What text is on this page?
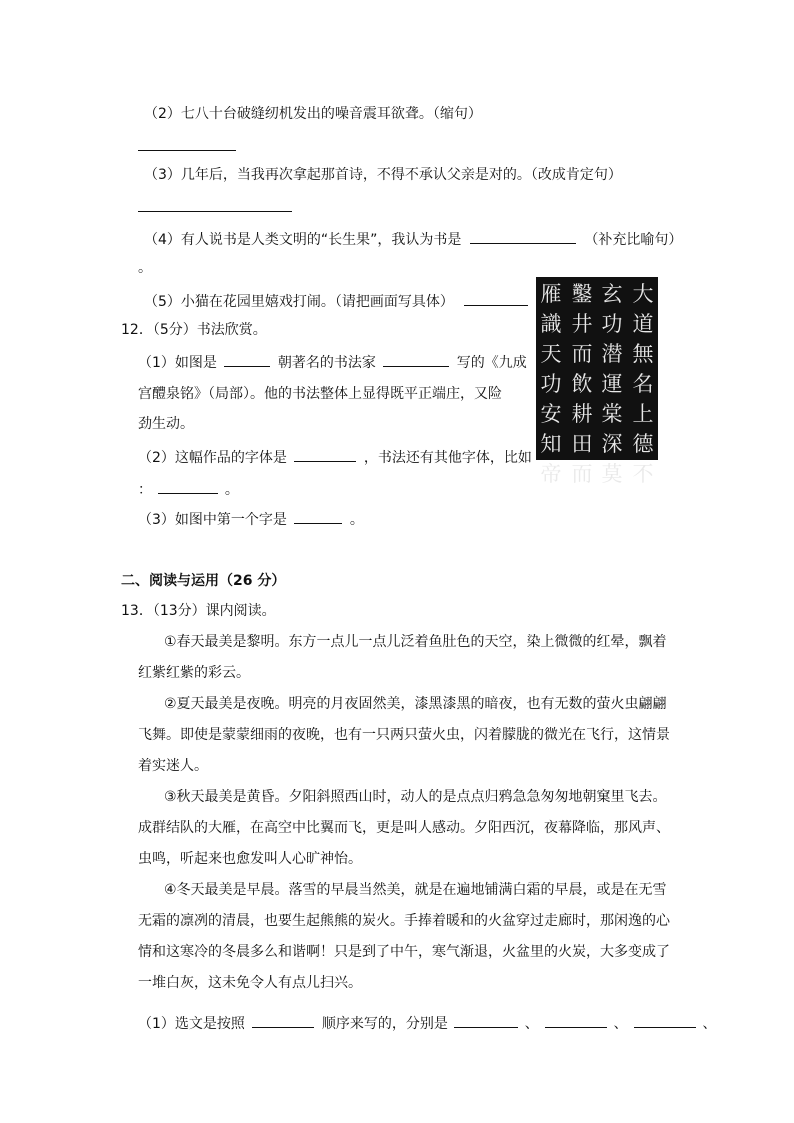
（2）七八十台破缝纫机发出的噪音震耳欲聋。（缩句）
（3）几年后，当我再次拿起那首诗，不得不承认父亲是对的。（改成肯定句）
（4）有人说书是人类文明的“长生果”，我认为书是	（补充比喻句）
。
（5）小猫在花园里嬉戏打闹。（请把画面写具体）
12．（5分）书法欣赏。
（1）如图是	朝著名的书法家	写的《九成
宫醴泉铭》（局部）。他的书法整体上显得既平正端庄，又险
劲生动。
（2）这幅作品的字体是	，书法还有其他字体，比如
：	。
（3）如图中第一个字是	。
大
道
無
名
上
德
不
玄
功
潜
運
棠
深
莫
鑿
井
而
飲
耕
田
而
雁
識
天
功
安
知
帝
二、阅读与运用（26 分）
13．（13分）课内阅读。
①春天最美是黎明。东方一点儿一点儿泛着鱼肚色的天空，染上微微的红晕，飘着
红紫红紫的彩云。
②夏天最美是夜晚。明亮的月夜固然美，漆黑漆黑的暗夜，也有无数的萤火虫翩翩
飞舞。即使是蒙蒙细雨的夜晚，也有一只两只萤火虫，闪着朦胧的微光在飞行，这情景
着实迷人。
③秋天最美是黄昏。夕阳斜照西山时，动人的是点点归鸦急急匆匆地朝窠里飞去。
成群结队的大雁，在高空中比翼而飞，更是叫人感动。夕阳西沉，夜幕降临，那风声、
虫鸣，听起来也愈发叫人心旷神怡。
④冬天最美是早晨。落雪的早晨当然美，就是在遍地铺满白霜的早晨，或是在无雪
无霜的凛冽的清晨，也要生起熊熊的炭火。手捧着暖和的火盆穿过走廊时，那闲逸的心
情和这寒冷的冬晨多么和谐啊！只是到了中午，寒气渐退，火盆里的火炭，大多变成了
一堆白灰，这未免令人有点儿扫兴。
（1）选文是按照	顺序来写的，分别是	、	、	、
